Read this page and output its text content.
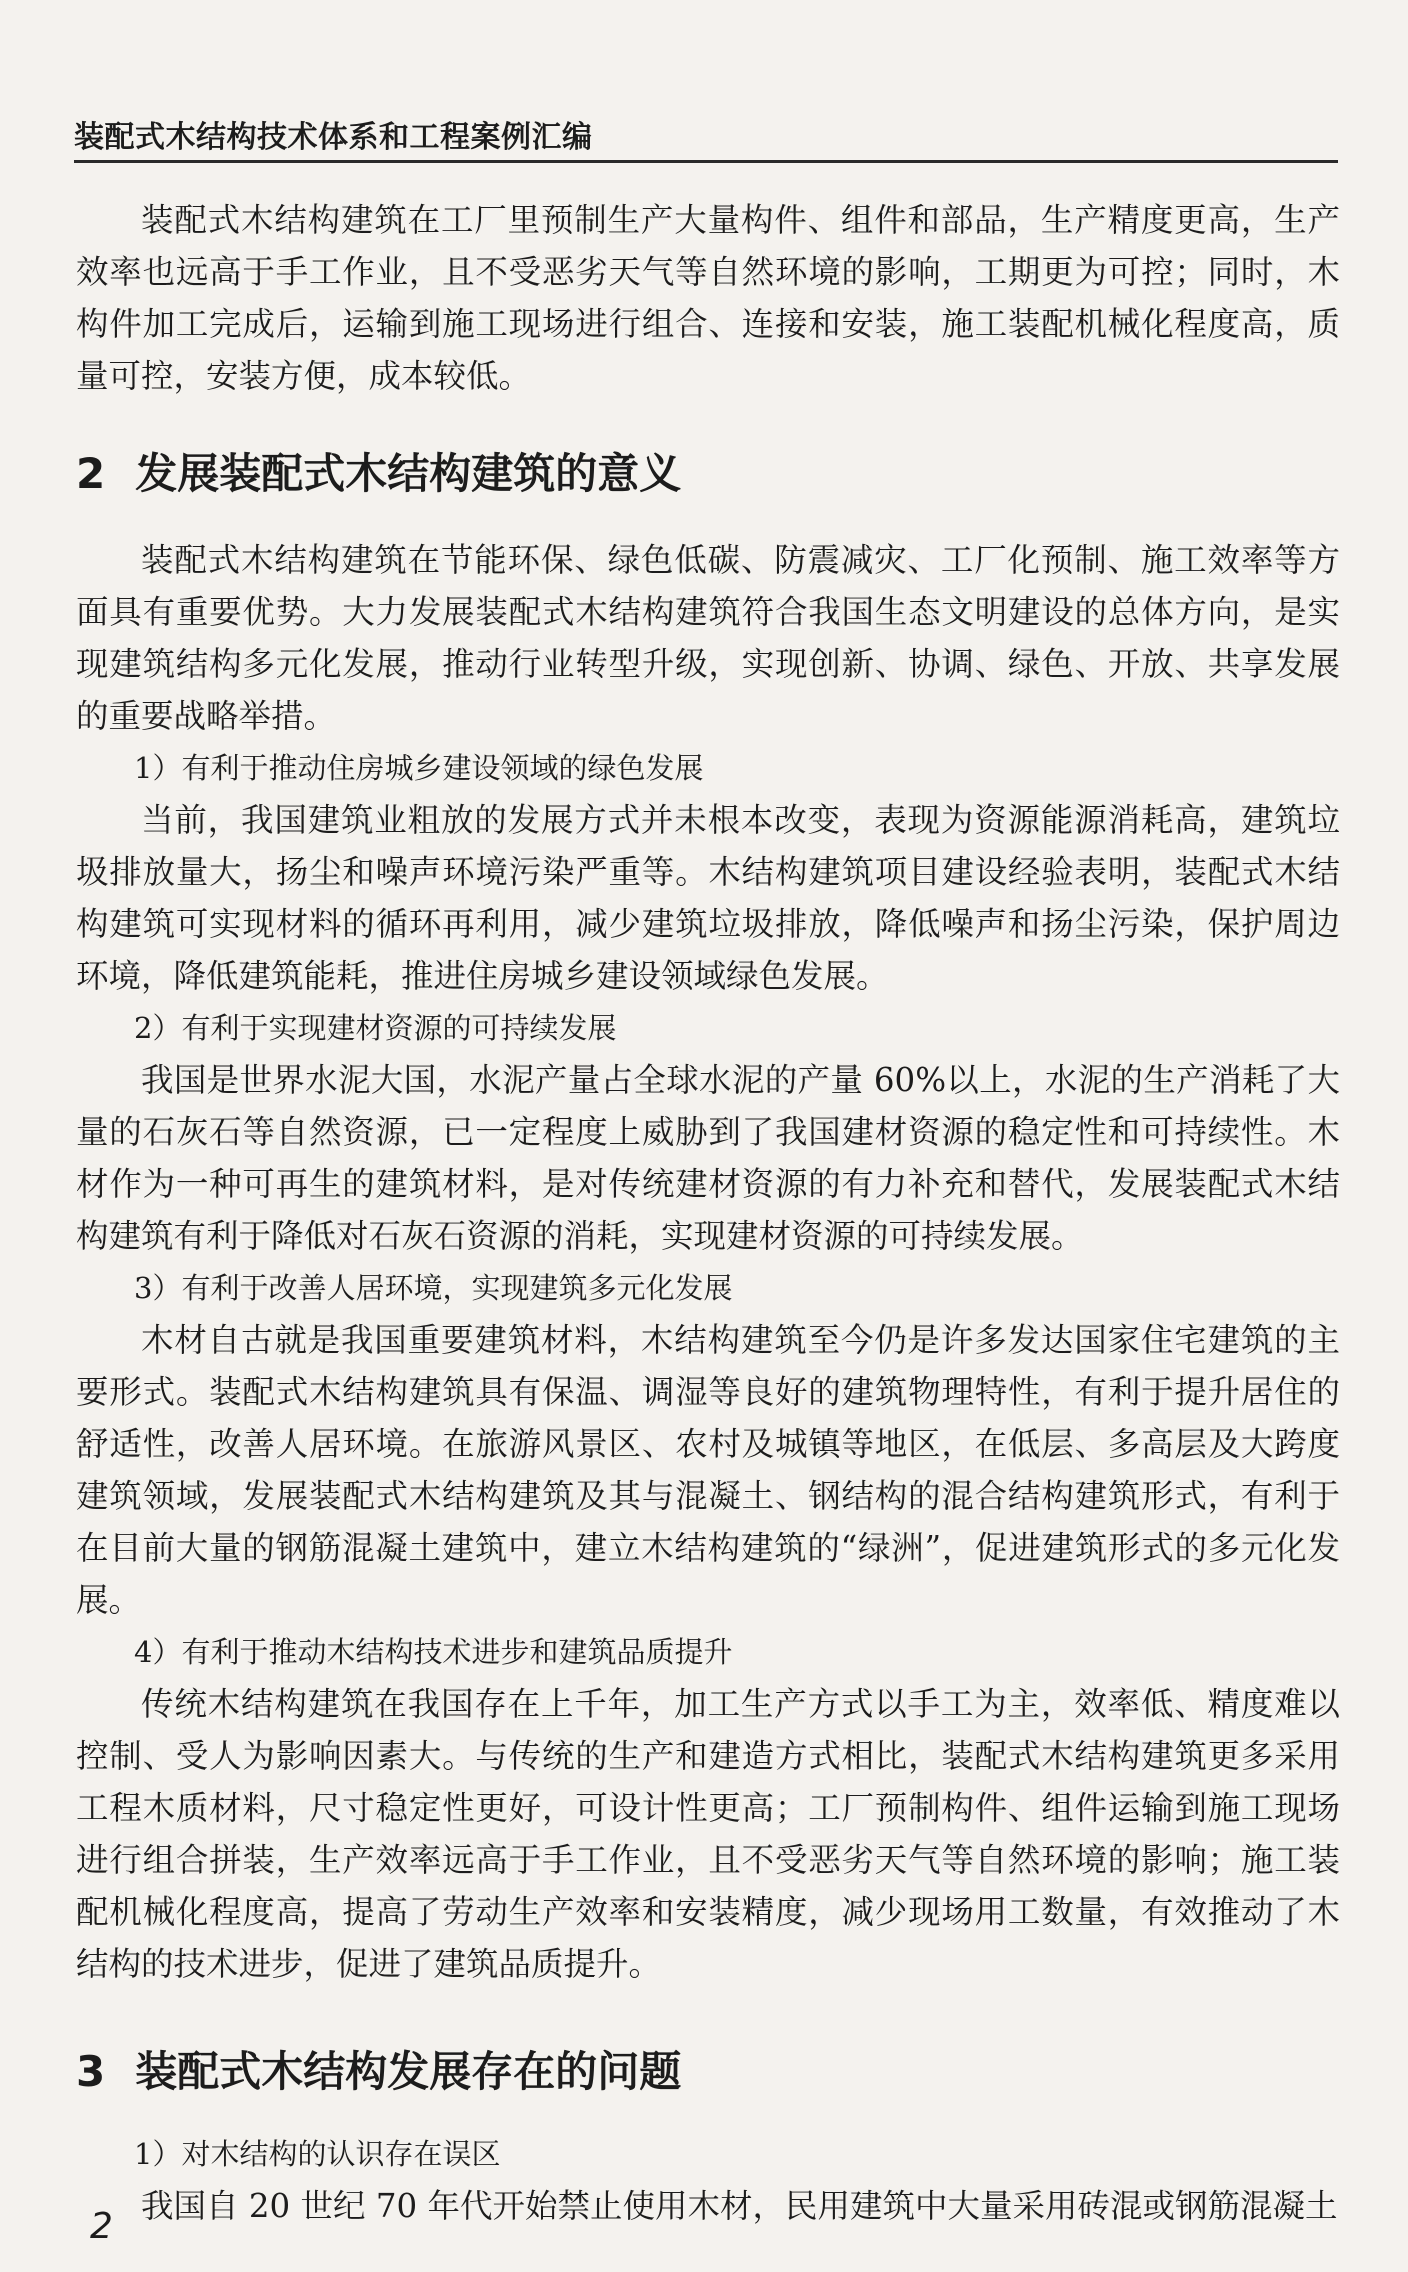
装配式木结构技术体系和工程案例汇编

装配式木结构建筑在工厂里预制生产大量构件、组件和部品，生产精度更高，生产效率也远高于手工作业，且不受恶劣天气等自然环境的影响，工期更为可控；同时，木构件加工完成后，运输到施工现场进行组合、连接和安装，施工装配机械化程度高，质量可控，安装方便，成本较低。

2 发展装配式木结构建筑的意义

装配式木结构建筑在节能环保、绿色低碳、防震减灾、工厂化预制、施工效率等方面具有重要优势。大力发展装配式木结构建筑符合我国生态文明建设的总体方向，是实现建筑结构多元化发展，推动行业转型升级，实现创新、协调、绿色、开放、共享发展的重要战略举措。

1）有利于推动住房城乡建设领域的绿色发展

当前，我国建筑业粗放的发展方式并未根本改变，表现为资源能源消耗高，建筑垃圾排放量大，扬尘和噪声环境污染严重等。木结构建筑项目建设经验表明，装配式木结构建筑可实现材料的循环再利用，减少建筑垃圾排放，降低噪声和扬尘污染，保护周边环境，降低建筑能耗，推进住房城乡建设领域绿色发展。

2）有利于实现建材资源的可持续发展

我国是世界水泥大国，水泥产量占全球水泥的产量 60%以上，水泥的生产消耗了大量的石灰石等自然资源，已一定程度上威胁到了我国建材资源的稳定性和可持续性。木材作为一种可再生的建筑材料，是对传统建材资源的有力补充和替代，发展装配式木结构建筑有利于降低对石灰石资源的消耗，实现建材资源的可持续发展。

3）有利于改善人居环境，实现建筑多元化发展

木材自古就是我国重要建筑材料，木结构建筑至今仍是许多发达国家住宅建筑的主要形式。装配式木结构建筑具有保温、调湿等良好的建筑物理特性，有利于提升居住的舒适性，改善人居环境。在旅游风景区、农村及城镇等地区，在低层、多高层及大跨度建筑领域，发展装配式木结构建筑及其与混凝土、钢结构的混合结构建筑形式，有利于在目前大量的钢筋混凝土建筑中，建立木结构建筑的“绿洲”，促进建筑形式的多元化发展。

4）有利于推动木结构技术进步和建筑品质提升

传统木结构建筑在我国存在上千年，加工生产方式以手工为主，效率低、精度难以控制、受人为影响因素大。与传统的生产和建造方式相比，装配式木结构建筑更多采用工程木质材料，尺寸稳定性更好，可设计性更高；工厂预制构件、组件运输到施工现场进行组合拼装，生产效率远高于手工作业，且不受恶劣天气等自然环境的影响；施工装配机械化程度高，提高了劳动生产效率和安装精度，减少现场用工数量，有效推动了木结构的技术进步，促进了建筑品质提升。

3 装配式木结构发展存在的问题

1）对木结构的认识存在误区

我国自 20 世纪 70 年代开始禁止使用木材，民用建筑中大量采用砖混或钢筋混凝土

2
